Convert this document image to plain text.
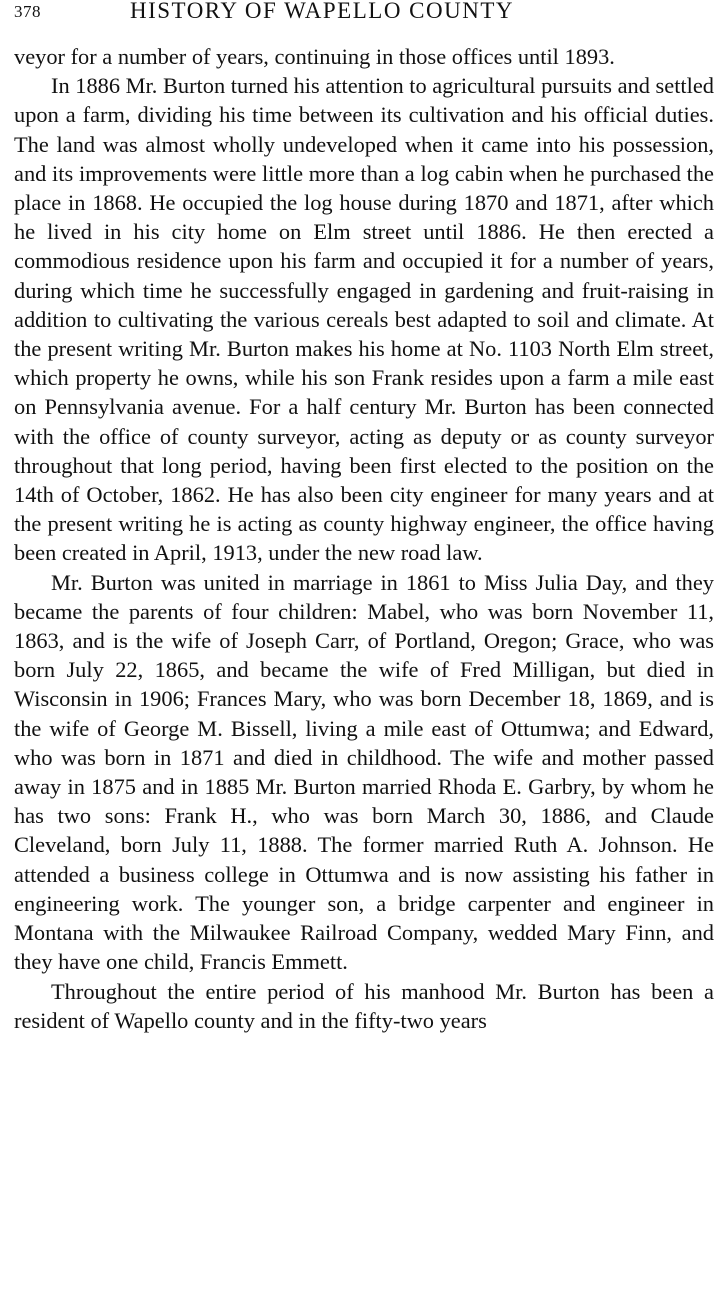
378	HISTORY OF WAPELLO COUNTY

veyor for a number of years, continuing in those offices until 1893.

In 1886 Mr. Burton turned his attention to agricultural pursuits and settled upon a farm, dividing his time between its cultivation and his official duties. The land was almost wholly undeveloped when it came into his possession, and its improvements were little more than a log cabin when he purchased the place in 1868. He occupied the log house during 1870 and 1871, after which he lived in his city home on Elm street until 1886. He then erected a commodious residence upon his farm and occupied it for a number of years, during which time he successfully engaged in gardening and fruit-raising in addition to cultivating the various cereals best adapted to soil and climate. At the present writing Mr. Burton makes his home at No. 1103 North Elm street, which property he owns, while his son Frank resides upon a farm a mile east on Pennsylvania avenue. For a half century Mr. Burton has been connected with the office of county surveyor, acting as deputy or as county surveyor throughout that long period, having been first elected to the position on the 14th of October, 1862. He has also been city engineer for many years and at the present writing he is acting as county highway engineer, the office having been created in April, 1913, under the new road law.

Mr. Burton was united in marriage in 1861 to Miss Julia Day, and they became the parents of four children: Mabel, who was born November 11, 1863, and is the wife of Joseph Carr, of Portland, Oregon; Grace, who was born July 22, 1865, and became the wife of Fred Milligan, but died in Wisconsin in 1906; Frances Mary, who was born December 18, 1869, and is the wife of George M. Bissell, living a mile east of Ottumwa; and Edward, who was born in 1871 and died in childhood. The wife and mother passed away in 1875 and in 1885 Mr. Burton married Rhoda E. Garbry, by whom he has two sons: Frank H., who was born March 30, 1886, and Claude Cleveland, born July 11, 1888. The former married Ruth A. Johnson. He attended a business college in Ottumwa and is now assisting his father in engineering work. The younger son, a bridge carpenter and engineer in Montana with the Milwaukee Railroad Company, wedded Mary Finn, and they have one child, Francis Emmett.

Throughout the entire period of his manhood Mr. Burton has been a resident of Wapello county and in the fifty-two years
